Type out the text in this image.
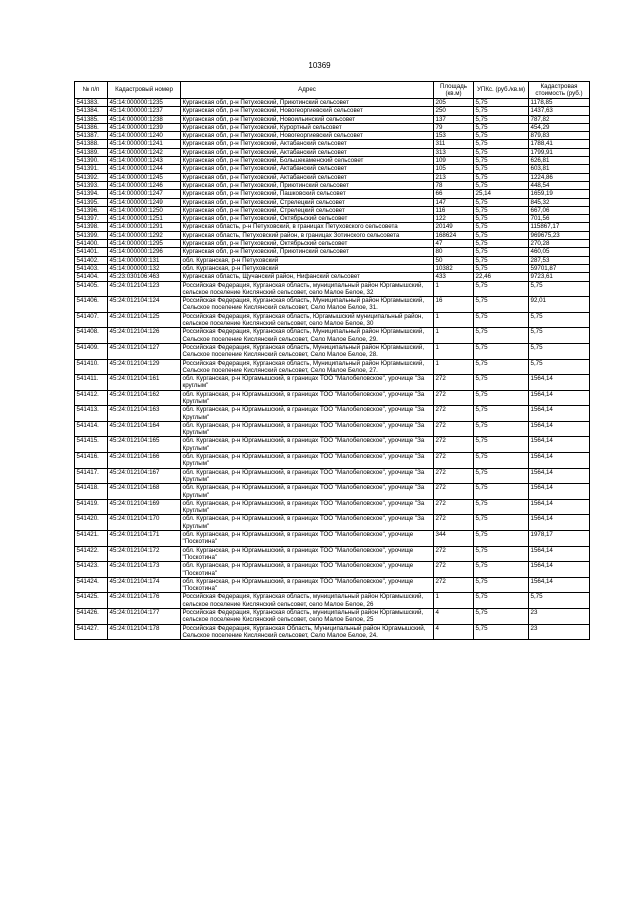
10369
№ п/п	Кадастровый номер	Адрес	Площадь (кв.м)	УПКс. (руб./кв.м)	Кадастровая стоимость (руб.)
541383.	45:14:000000:1235	Курганская обл, р-н Петуховский, Приютинский сельсовет	205	5,75	1178,85
541384.	45:14:000000:1237	Курганская обл, р-н Петуховский, Новогеоргиевский сельсовет	250	5,75	1437,63
541385.	45:14:000000:1238	Курганская обл, р-н Петуховский, Новоильинский сельсовет	137	5,75	787,82
541386.	45:14:000000:1239	Курганская обл, р-н Петуховский, Курортный сельсовет	79	5,75	454,29
541387.	45:14:000000:1240	Курганская обл, р-н Петуховский, Новогеоргиевский сельсовет	153	5,75	879,83
541388.	45:14:000000:1241	Курганская обл, р-н Петуховский, Актабанский сельсовет	311	5,75	1788,41
541389.	45:14:000000:1242	Курганская обл, р-н Петуховский, Актабанский сельсовет	313	5,75	1799,91
541390.	45:14:000000:1243	Курганская обл, р-н Петуховский, Большекаменский сельсовет	109	5,75	626,81
541391.	45:14:000000:1244	Курганская обл, р-н Петуховский, Актабанский сельсовет	105	5,75	603,81
541392.	45:14:000000:1245	Курганская обл, р-н Петуховский, Актабанский сельсовет	213	5,75	1224,86
541393.	45:14:000000:1246	Курганская обл, р-н Петуховский, Приютинский сельсовет	78	5,75	448,54
541394.	45:14:000000:1247	Курганская обл, р-н Петуховский, Пашковский сельсовет	66	25,14	1659,19
541395.	45:14:000000:1249	Курганская обл, р-н Петуховский, Стрелецкий сельсовет	147	5,75	845,32
541396.	45:14:000000:1250	Курганская обл, р-н Петуховский, Стрелецкий сельсовет	116	5,75	667,06
541397.	45:14:000000:1251	Курганская обл, р-н Петуховский, Октябрьский сельсовет	122	5,75	701,56
541398.	45:14:000000:1291	Курганская область, р-н Петуховский, в границах Петуховского сельсовета	20149	5,75	115867,17
541399.	45:14:000000:1292	Курганская область, Петуховский район, в границах Зотинского сельсовета	168624	5,75	969675,23
541400.	45:14:000000:1295	Курганская обл, р-н Петуховский, Октябрьский сельсовет	47	5,75	270,28
541401.	45:14:000000:1296	Курганская обл, р-н Петуховский, Приютинский сельсовет	80	5,75	460,05
541402.	45:14:000000:131	обл. Курганская, р-н Петуховский	50	5,75	287,53
541403.	45:14:000000:132	обл. Курганская, р-н Петуховский	10382	5,75	59701,87
541404.	45:23:030106:463	Курганская область, Щучанский район, Нифанский сельсовет	433	22,46	9723,61
541405.	45:24:012104:123	Российская Федерация, Курганская область, муниципальный район Юргамышский, сельское поселение Кислянский сельсовет, село Малое Белое, 32	1	5,75	5,75
541406.	45:24:012104:124	Российская Федерация, Курганская область, Муниципальный район Юргамышский, Сельское поселение Кислянский сельсовет, Село Малое Белое, 31.	16	5,75	92,01
541407.	45:24:012104:125	Российская Федерация, Курганская область, Юргамышский муниципальный район, сельское поселение Кислянский сельсовет, село Малое Белое, 30	1	5,75	5,75
541408.	45:24:012104:126	Российская Федерация, Курганская область, Муниципальный район Юргамышский, Сельское поселение Кислянский сельсовет, Село Малое Белое, 29.	1	5,75	5,75
541409.	45:24:012104:127	Российская Федерация, Курганская область, Муниципальный район Юргамышский, Сельское поселение Кислянский сельсовет, Село Малое Белое, 28.	1	5,75	5,75
541410.	45:24:012104:129	Российская Федерация, Курганская область, Муниципальный район Юргамышский, Сельское поселение Кислянский сельсовет, Село Малое Белое, 27.	1	5,75	5,75
541411.	45:24:012104:161	обл. Курганская, р-н Юргамышский, в границах ТОО "Малобеловское", урочище "За круглым"	272	5,75	1564,14
541412.	45:24:012104:162	обл. Курганская, р-н Юргамышский, в границах ТОО "Малобеловское", урочище "За Круглым"	272	5,75	1564,14
541413.	45:24:012104:163	обл. Курганская, р-н Юргамышский, в границах ТОО "Малобеловское", урочище "За Круглым"	272	5,75	1564,14
541414.	45:24:012104:164	обл. Курганская, р-н Юргамышский, в границах ТОО "Малобеловское", урочище "За Круглым"	272	5,75	1564,14
541415.	45:24:012104:165	обл. Курганская, р-н Юргамышский, в границах ТОО "Малобеловское", урочище "За Круглым"	272	5,75	1564,14
541416.	45:24:012104:166	обл. Курганская, р-н Юргамышский, в границах ТОО "Малобеловское", урочище "За Круглым"	272	5,75	1564,14
541417.	45:24:012104:167	обл. Курганская, р-н Юргамышский, в границах ТОО "Малобеловское", урочище "За Круглым"	272	5,75	1564,14
541418.	45:24:012104:168	обл. Курганская, р-н Юргамышский, в границах ТОО "Малобеловское", урочище "За Круглым"	272	5,75	1564,14
541419.	45:24:012104:169	обл. Курганская, р-н Юргамышский, в границах ТОО "Малобеловское", урочище "За Круглым"	272	5,75	1564,14
541420.	45:24:012104:170	обл. Курганская, р-н Юргамышский, в границах ТОО "Малобеловское", урочище "За Круглым"	272	5,75	1564,14
541421.	45:24:012104:171	обл. Курганская, р-н Юргамышский, в границах ТОО "Малобеловское", урочище "Поскотина"	344	5,75	1978,17
541422.	45:24:012104:172	обл. Курганская, р-н Юргамышский, в границах ТОО "Малобеловское", урочище "Поскотина"	272	5,75	1564,14
541423.	45:24:012104:173	обл. Курганская, р-н Юргамышский, в границах ТОО "Малобеловское", урочище "Поскотина"	272	5,75	1564,14
541424.	45:24:012104:174	обл. Курганская, р-н Юргамышский, в границах ТОО "Малобеловское", урочище "Поскотина"	272	5,75	1564,14
541425.	45:24:012104:176	Российская Федерация, Курганская область, муниципальный район Юргамышский, сельское поселение Кислянский сельсовет, село Малое Белое, 26	1	5,75	5,75
541426.	45:24:012104:177	Российская Федерация, Курганская область, муниципальный район Юргамышский, сельское поселение Кислянский сельсовет, село Малое Белое, 25	4	5,75	23
541427.	45:24:012104:178	Российская Федерация, Курганская Область, Муниципальный район Юргамышский, Сельское поселение Кислянский сельсовет, Село Малое Белое, 24.	4	5,75	23
